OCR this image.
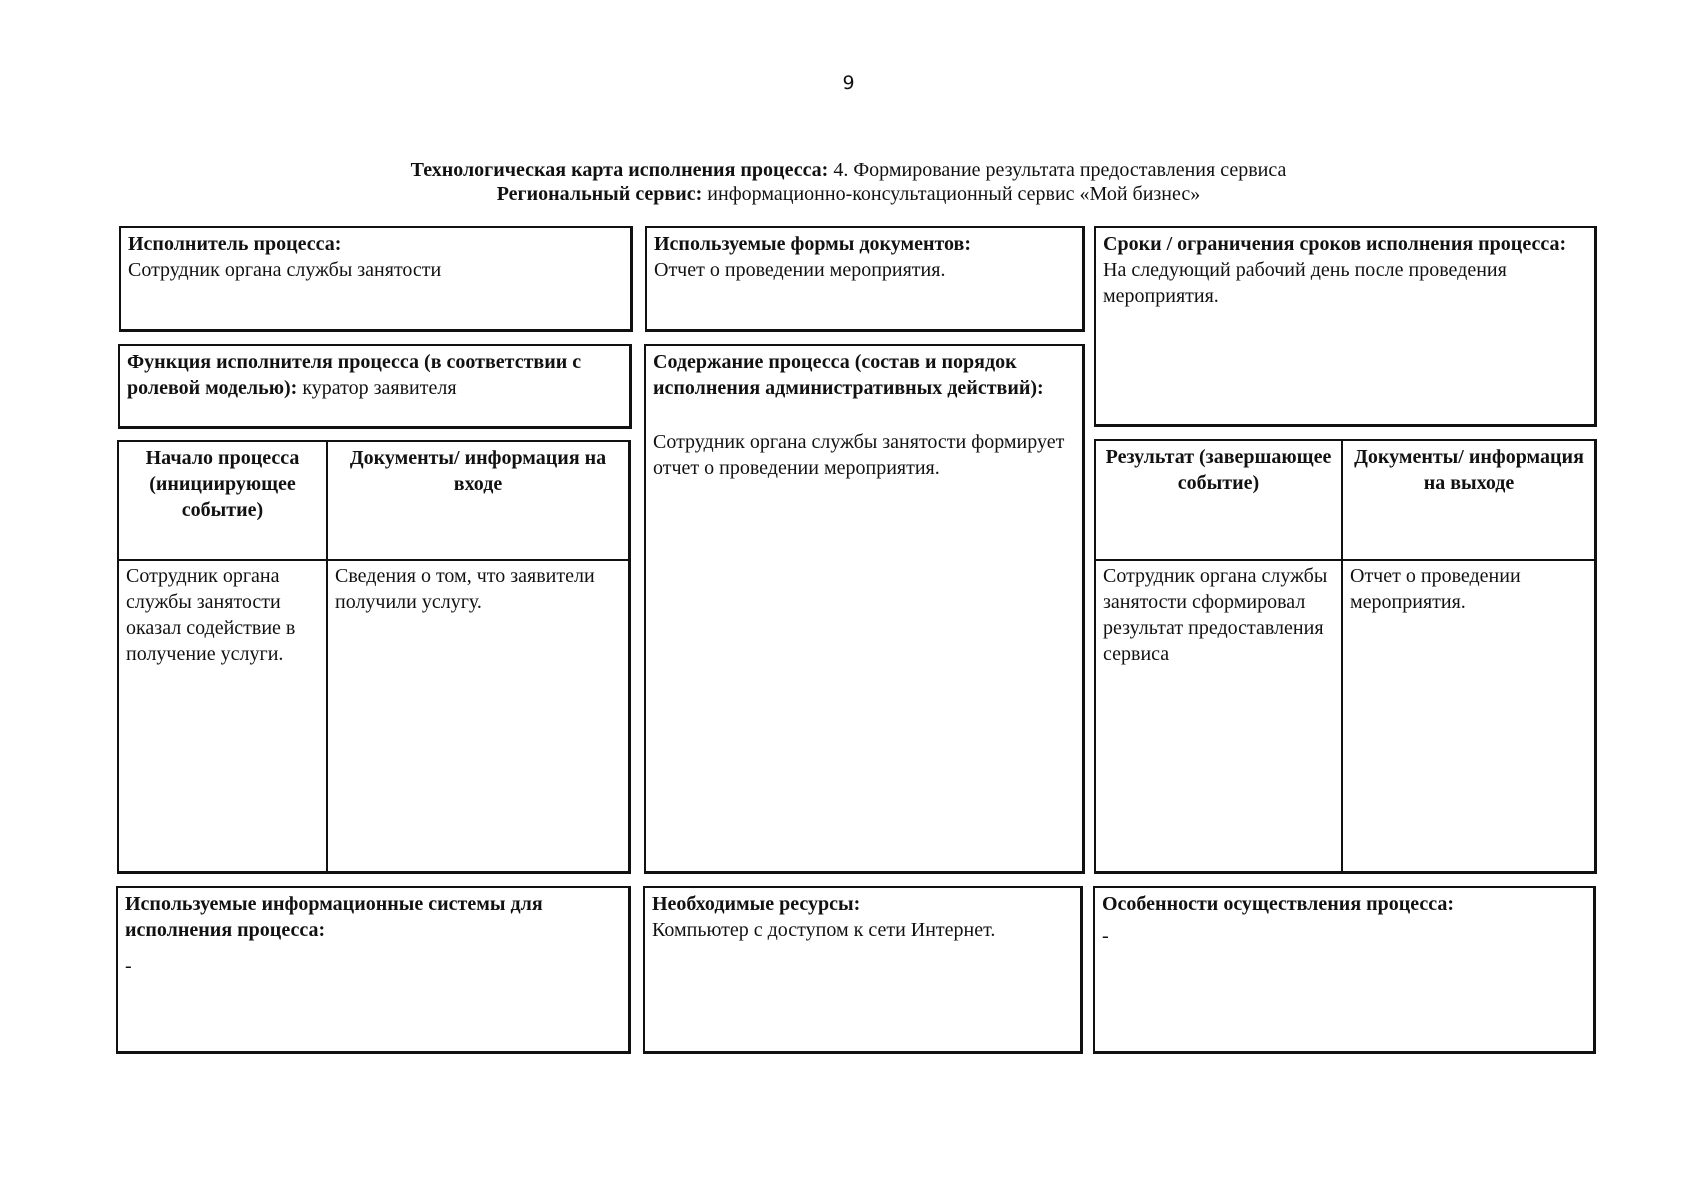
9
Технологическая карта исполнения процесса: 4. Формирование результата предоставления сервиса
Региональный сервис: информационно-консультационный сервис «Мой бизнес»
Исполнитель процесса:
Сотрудник органа службы занятости
Используемые формы документов:
Отчет о проведении мероприятия.
Сроки / ограничения сроков исполнения процесса:
На следующий рабочий день после проведения мероприятия.
Функция исполнителя процесса (в соответствии с ролевой моделью): куратор заявителя
Содержание процесса (состав и порядок исполнения административных действий):
Сотрудник органа службы занятости формирует отчет о проведении мероприятия.
Начало процесса (инициирующее событие)
Документы/ информация на входе
Сотрудник органа службы занятости оказал содействие в получение услуги.
Сведения о том, что заявители получили услугу.
Результат (завершающее событие)
Документы/ информация на выходе
Сотрудник органа службы занятости сформировал результат предоставления сервиса
Отчет о проведении мероприятия.
Используемые информационные системы для исполнения процесса:
-
Необходимые ресурсы:
Компьютер с доступом к сети Интернет.
Особенности осуществления процесса:
-
